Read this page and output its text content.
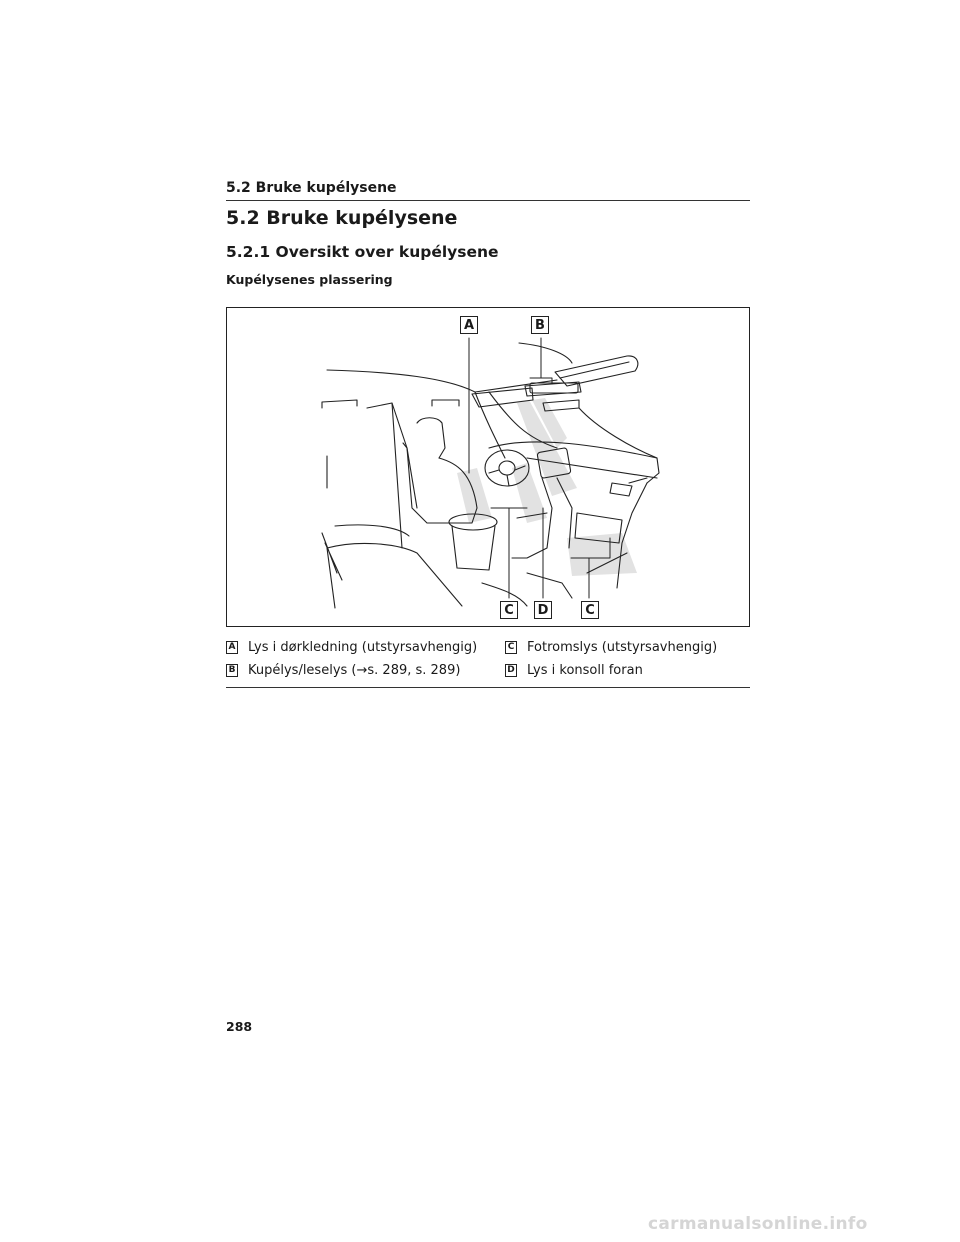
5.2 Bruke kupélysene
5.2 Bruke kupélysene
5.2.1 Oversikt over kupélysene
Kupélysenes plassering
A	B
C	D	C
A Lys i dørkledning (utstyrsavhengig)
B Kupélys/leselys (→s. 289, s. 289)
C Fotromslys (utstyrsavhengig)
D Lys i konsoll foran
288
carmanualsonline.info
